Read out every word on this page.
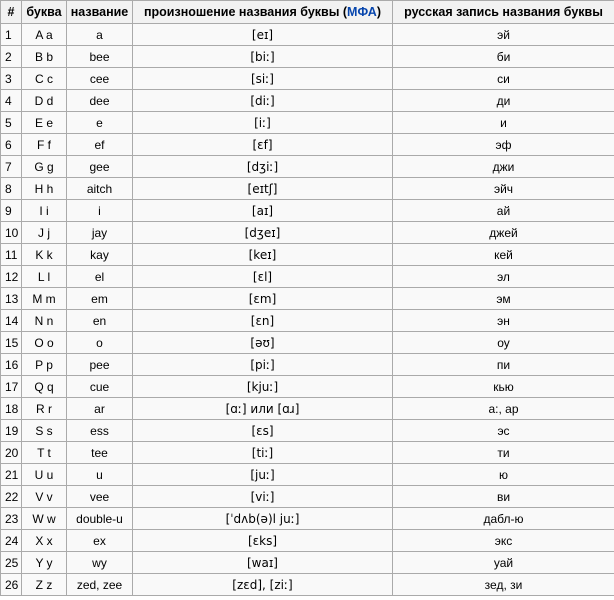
#	буква	название	произношение названия буквы (МФА)	русская запись названия буквы
1	A a	a	[eɪ]	эй
2	B b	bee	[biː]	би
3	C c	cee	[siː]	си
4	D d	dee	[diː]	ди
5	E e	e	[iː]	и
6	F f	ef	[ɛf]	эф
7	G g	gee	[dʒiː]	джи
8	H h	aitch	[eɪtʃ]	эйч
9	I i	i	[aɪ]	ай
10	J j	jay	[dʒeɪ]	джей
11	K k	kay	[keɪ]	кей
12	L l	el	[ɛl]	эл
13	M m	em	[ɛm]	эм
14	N n	en	[ɛn]	эн
15	O o	o	[əʊ]	оу
16	P p	pee	[piː]	пи
17	Q q	cue	[kjuː]	кью
18	R r	ar	[ɑː] или [ɑɹ]	а:, ар
19	S s	ess	[ɛs]	эс
20	T t	tee	[tiː]	ти
21	U u	u	[juː]	ю
22	V v	vee	[viː]	ви
23	W w	double-u	[ˈdʌb(ə)l juː]	дабл-ю
24	X x	ex	[ɛks]	экс
25	Y y	wy	[waɪ]	уай
26	Z z	zed, zee	[zɛd], [ziː]	зед, зи
